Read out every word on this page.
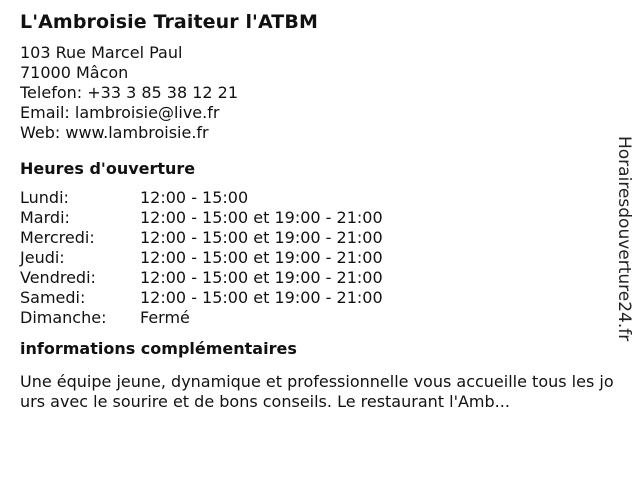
L'Ambroisie Traiteur l'ATBM
103 Rue Marcel Paul
71000 Mâcon
Telefon: +33 3 85 38 12 21
Email: lambroisie@live.fr
Web: www.lambroisie.fr
Heures d'ouverture
Lundi:	12:00 - 15:00
Mardi:	12:00 - 15:00 et 19:00 - 21:00
Mercredi:	12:00 - 15:00 et 19:00 - 21:00
Jeudi:	12:00 - 15:00 et 19:00 - 21:00
Vendredi:	12:00 - 15:00 et 19:00 - 21:00
Samedi:	12:00 - 15:00 et 19:00 - 21:00
Dimanche:	Fermé
informations complémentaires

Une équipe jeune, dynamique et professionnelle vous accueille tous les jours avec le sourire et de bons conseils. Le restaurant l'Amb...

Horairesdouverture24.fr
